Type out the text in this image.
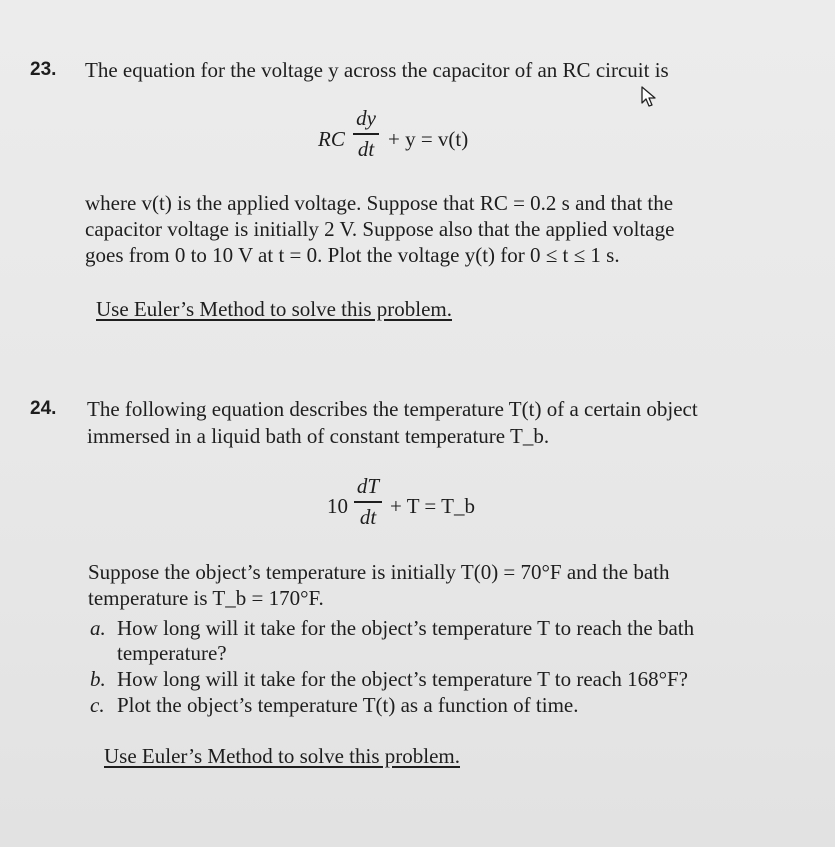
23. The equation for the voltage y across the capacitor of an RC circuit is
RC
dy
dt + y = v(t)
where v(t) is the applied voltage. Suppose that RC = 0.2 s and that the
capacitor voltage is initially 2 V. Suppose also that the applied voltage
goes from 0 to 10 V at t = 0. Plot the voltage y(t) for 0 ≤ t ≤ 1 s.
Use Euler’s Method to solve this problem.
24. The following equation describes the temperature T(t) of a certain object
immersed in a liquid bath of constant temperature T_b.
10
dT
dt + T = T_b
Suppose the object’s temperature is initially T(0) = 70°F and the bath
temperature is T_b = 170°F.
a. How long will it take for the object’s temperature T to reach the bath
temperature?
b. How long will it take for the object’s temperature T to reach 168°F?
c. Plot the object’s temperature T(t) as a function of time.
Use Euler’s Method to solve this problem.
